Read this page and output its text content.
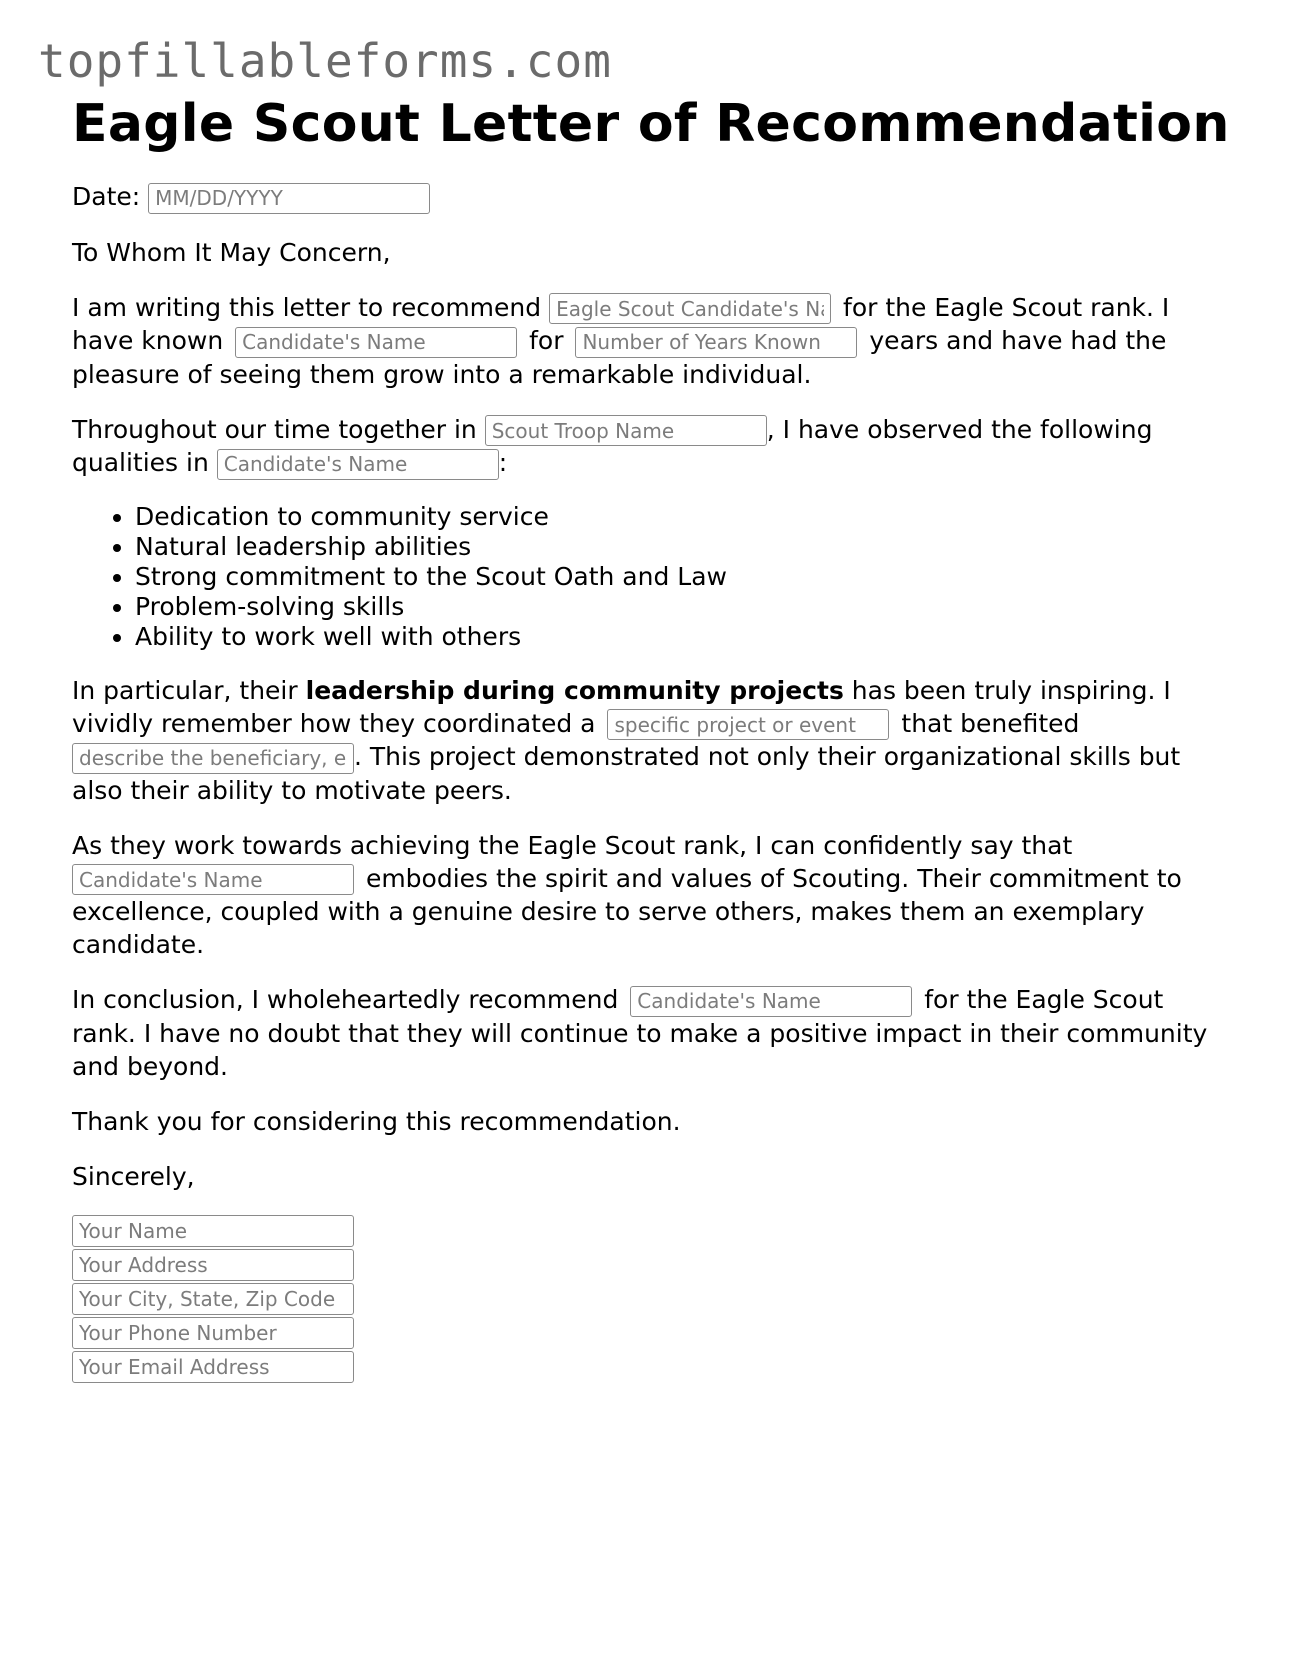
topfillableforms.com
Eagle Scout Letter of Recommendation

Date: MM/DD/YYYY

To Whom It May Concern,

I am writing this letter to recommend Eagle Scout Candidate's Name	for the Eagle Scout rank. I have known Candidate's Name	for Number of Years Known	years and have had the pleasure of seeing them grow into a remarkable individual.

Throughout our time together in Scout Troop Name	, I have observed the following qualities in Candidate's Name	:

• Dedication to community service
• Natural leadership abilities
• Strong commitment to the Scout Oath and Law
• Problem-solving skills
• Ability to work well with others

In particular, their leadership during community projects has been truly inspiring. I vividly remember how they coordinated a specific project or event	that benefited describe the beneficiary, e.g., local community. This project demonstrated not only their organizational skills but also their ability to motivate peers.

As they work towards achieving the Eagle Scout rank, I can confidently say that Candidate's Name embodies the spirit and values of Scouting. Their commitment to excellence, coupled with a genuine desire to serve others, makes them an exemplary candidate.

In conclusion, I wholeheartedly recommend Candidate's Name	for the Eagle Scout rank. I have no doubt that they will continue to make a positive impact in their community and beyond.

Thank you for considering this recommendation.

Sincerely,

Your Name
Your Address
Your City, State, Zip Code
Your Phone Number
Your Email Address
